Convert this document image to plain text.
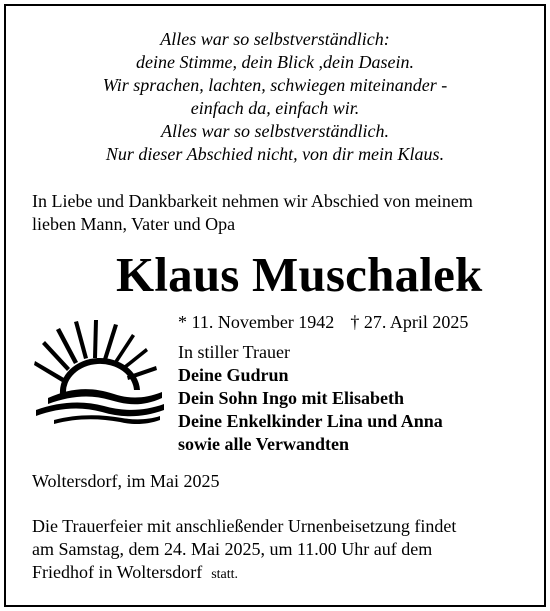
Alles war so selbstverständlich:
deine Stimme, dein Blick ,dein Dasein.
Wir sprachen, lachten, schwiegen miteinander -
einfach da, einfach wir.
Alles war so selbstverständlich.
Nur dieser Abschied nicht, von dir mein Klaus.
In Liebe und Dankbarkeit nehmen wir Abschied von meinem
lieben Mann, Vater und Opa
Klaus Muschalek
* 11. November 1942 † 27. April 2025
In stiller Trauer
Deine Gudrun
Dein Sohn Ingo mit Elisabeth
Deine Enkelkinder Lina und Anna
sowie alle Verwandten
Woltersdorf, im Mai 2025
Die Trauerfeier mit anschließender Urnenbeisetzung findet
am Samstag, dem 24. Mai 2025, um 11.00 Uhr auf dem
Friedhof in Woltersdorf  statt.
